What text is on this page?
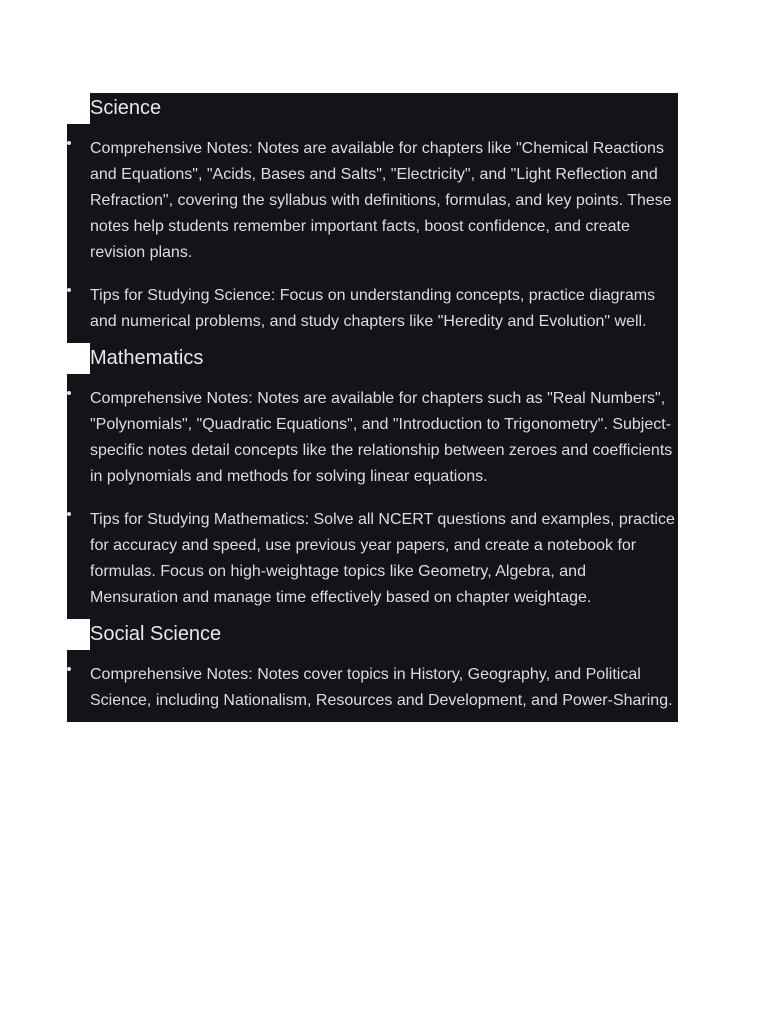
Science
Comprehensive Notes: Notes are available for chapters like "Chemical Reactions and Equations", "Acids, Bases and Salts", "Electricity", and "Light Reflection and Refraction", covering the syllabus with definitions, formulas, and key points. These notes help students remember important facts, boost confidence, and create revision plans.
Tips for Studying Science: Focus on understanding concepts, practice diagrams and numerical problems, and study chapters like "Heredity and Evolution" well.
Mathematics
Comprehensive Notes: Notes are available for chapters such as "Real Numbers", "Polynomials", "Quadratic Equations", and "Introduction to Trigonometry". Subject-specific notes detail concepts like the relationship between zeroes and coefficients in polynomials and methods for solving linear equations.
Tips for Studying Mathematics: Solve all NCERT questions and examples, practice for accuracy and speed, use previous year papers, and create a notebook for formulas. Focus on high-weightage topics like Geometry, Algebra, and Mensuration and manage time effectively based on chapter weightage.
Social Science
Comprehensive Notes: Notes cover topics in History, Geography, and Political Science, including Nationalism, Resources and Development, and Power-Sharing.
